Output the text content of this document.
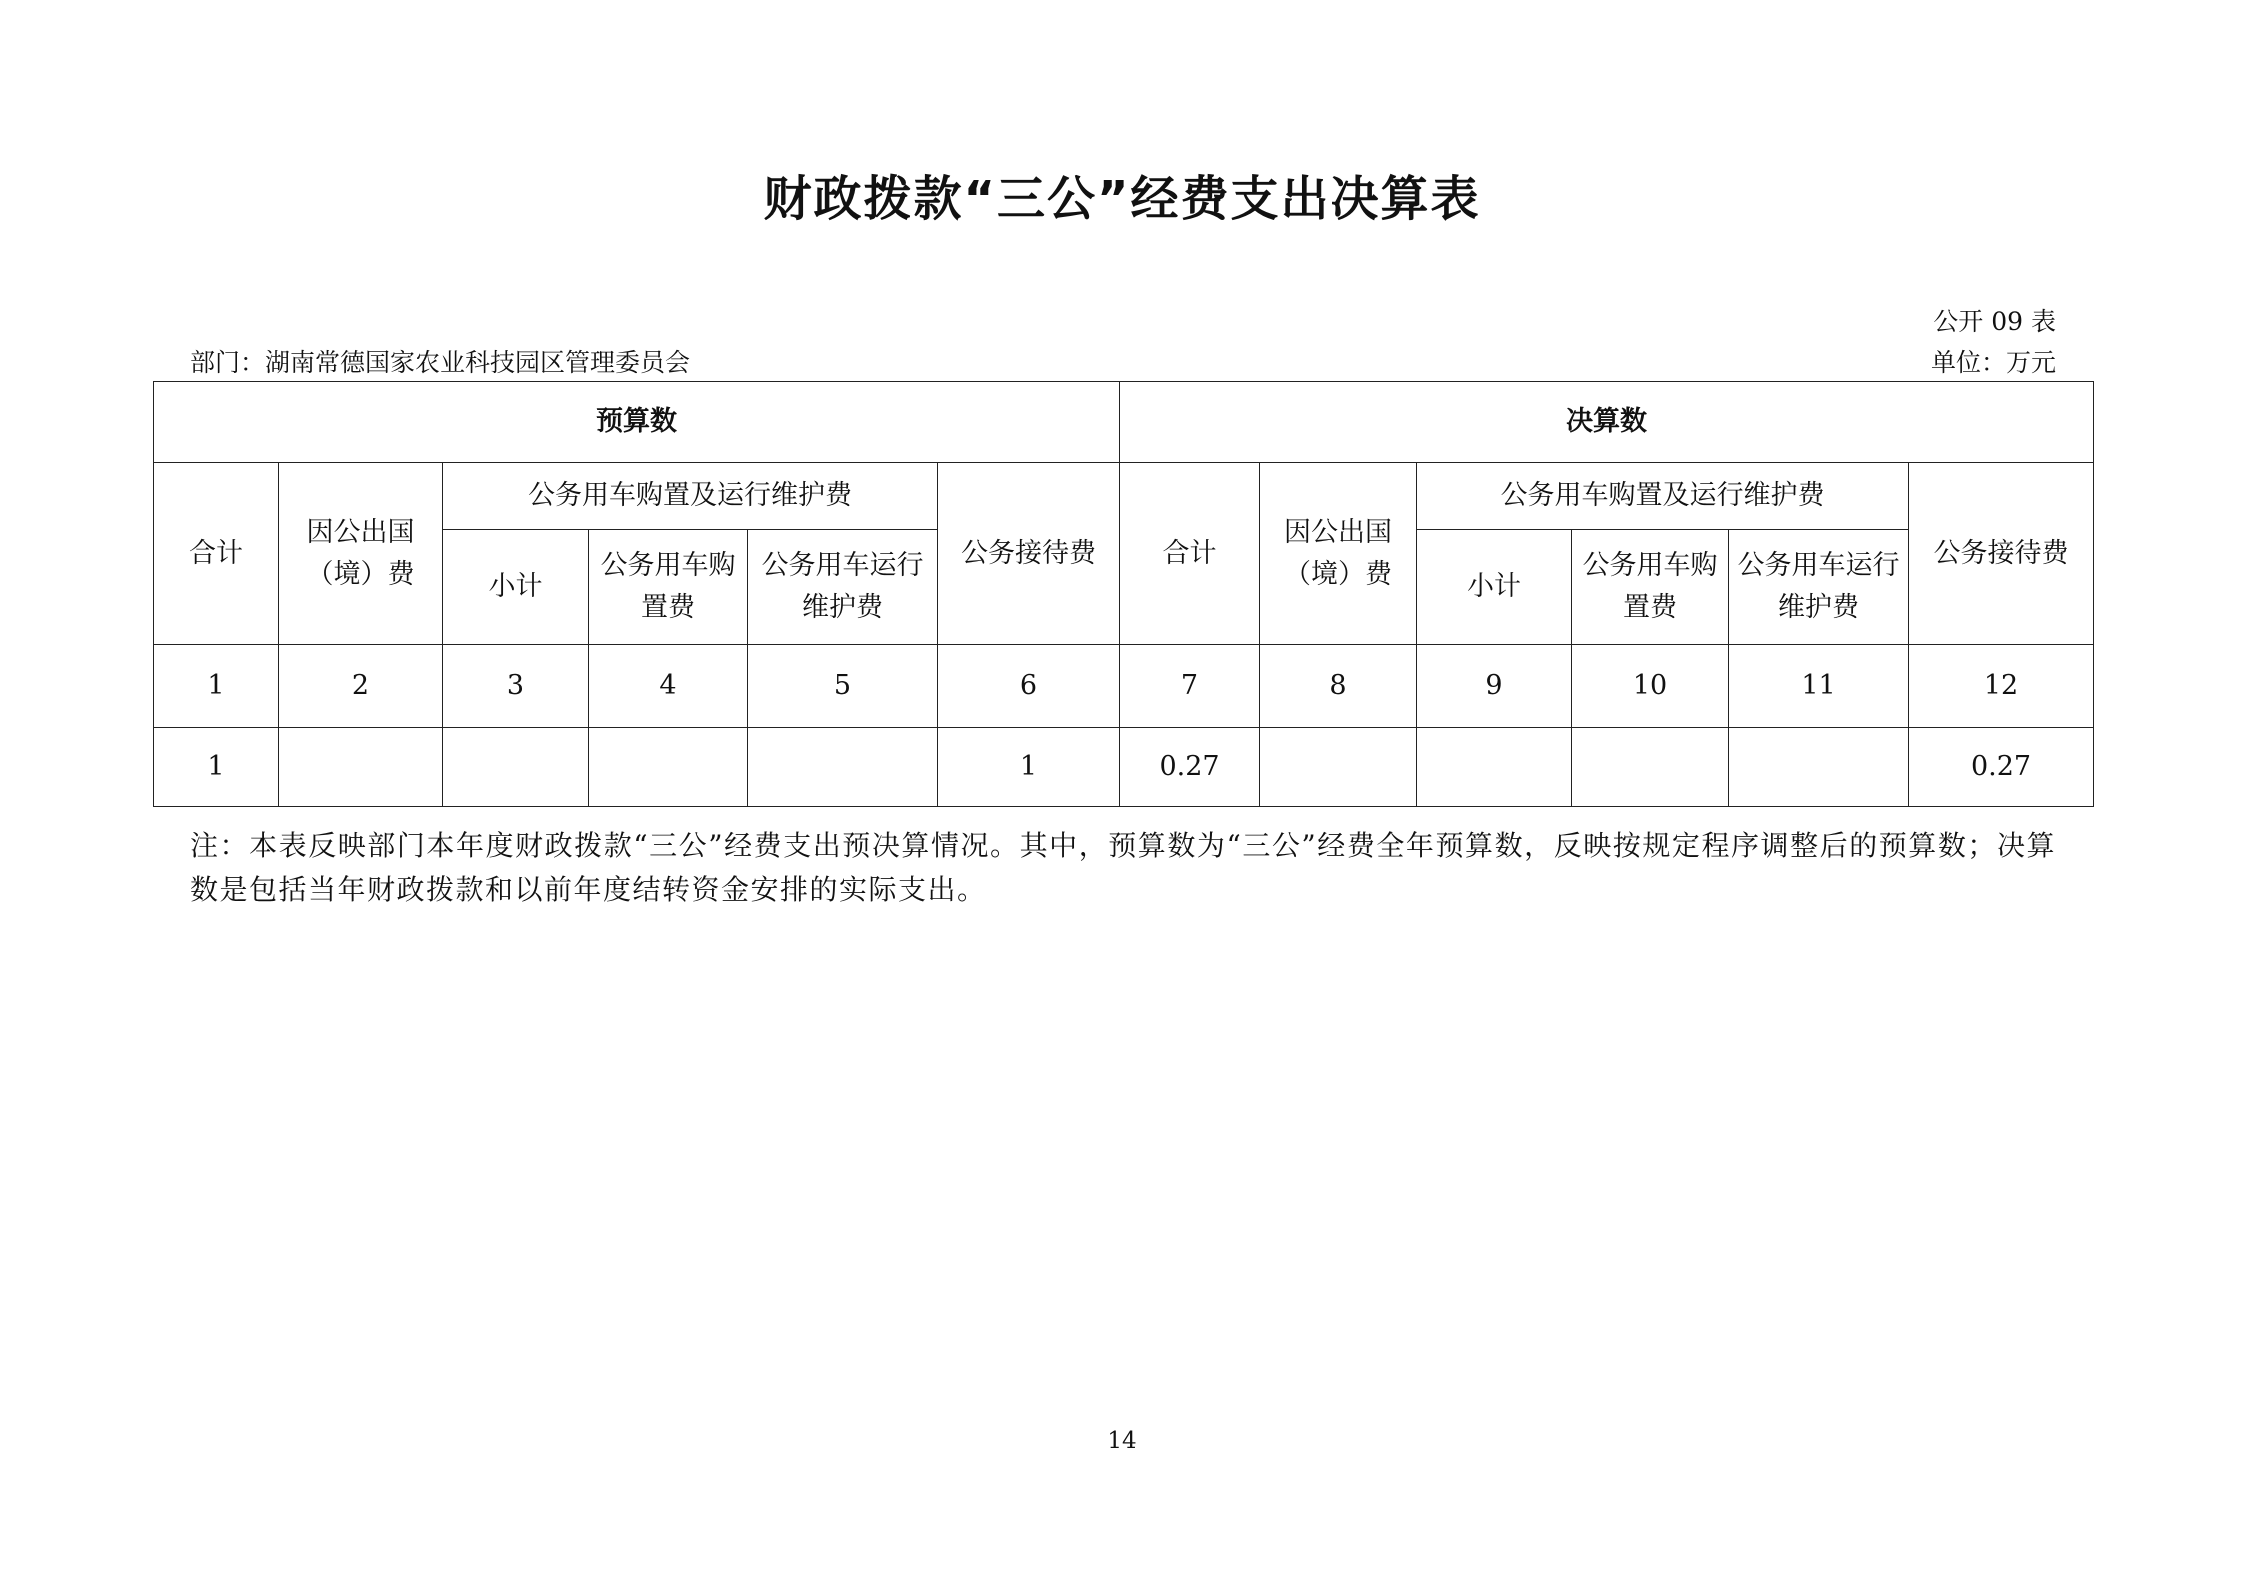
财政拨款“三公”经费支出决算表
公开 09 表
部门：湖南常德国家农业科技园区管理委员会	单位：万元
预算数						决算数					
合计	因公出国（境）费	公务用车购置及运行维护费			公务接待费	合计	因公出国（境）费	公务用车购置及运行维护费			公务接待费
		小计	公务用车购置费	公务用车运行维护费				小计	公务用车购置费	公务用车运行维护费	
1	2	3	4	5	6	7	8	9	10	11	12
1					1	0.27					0.27
注：本表反映部门本年度财政拨款“三公”经费支出预决算情况。其中，预算数为“三公”经费全年预算数，反映按规定程序调整后的预算数；决算数是包括当年财政拨款和以前年度结转资金安排的实际支出。
14
